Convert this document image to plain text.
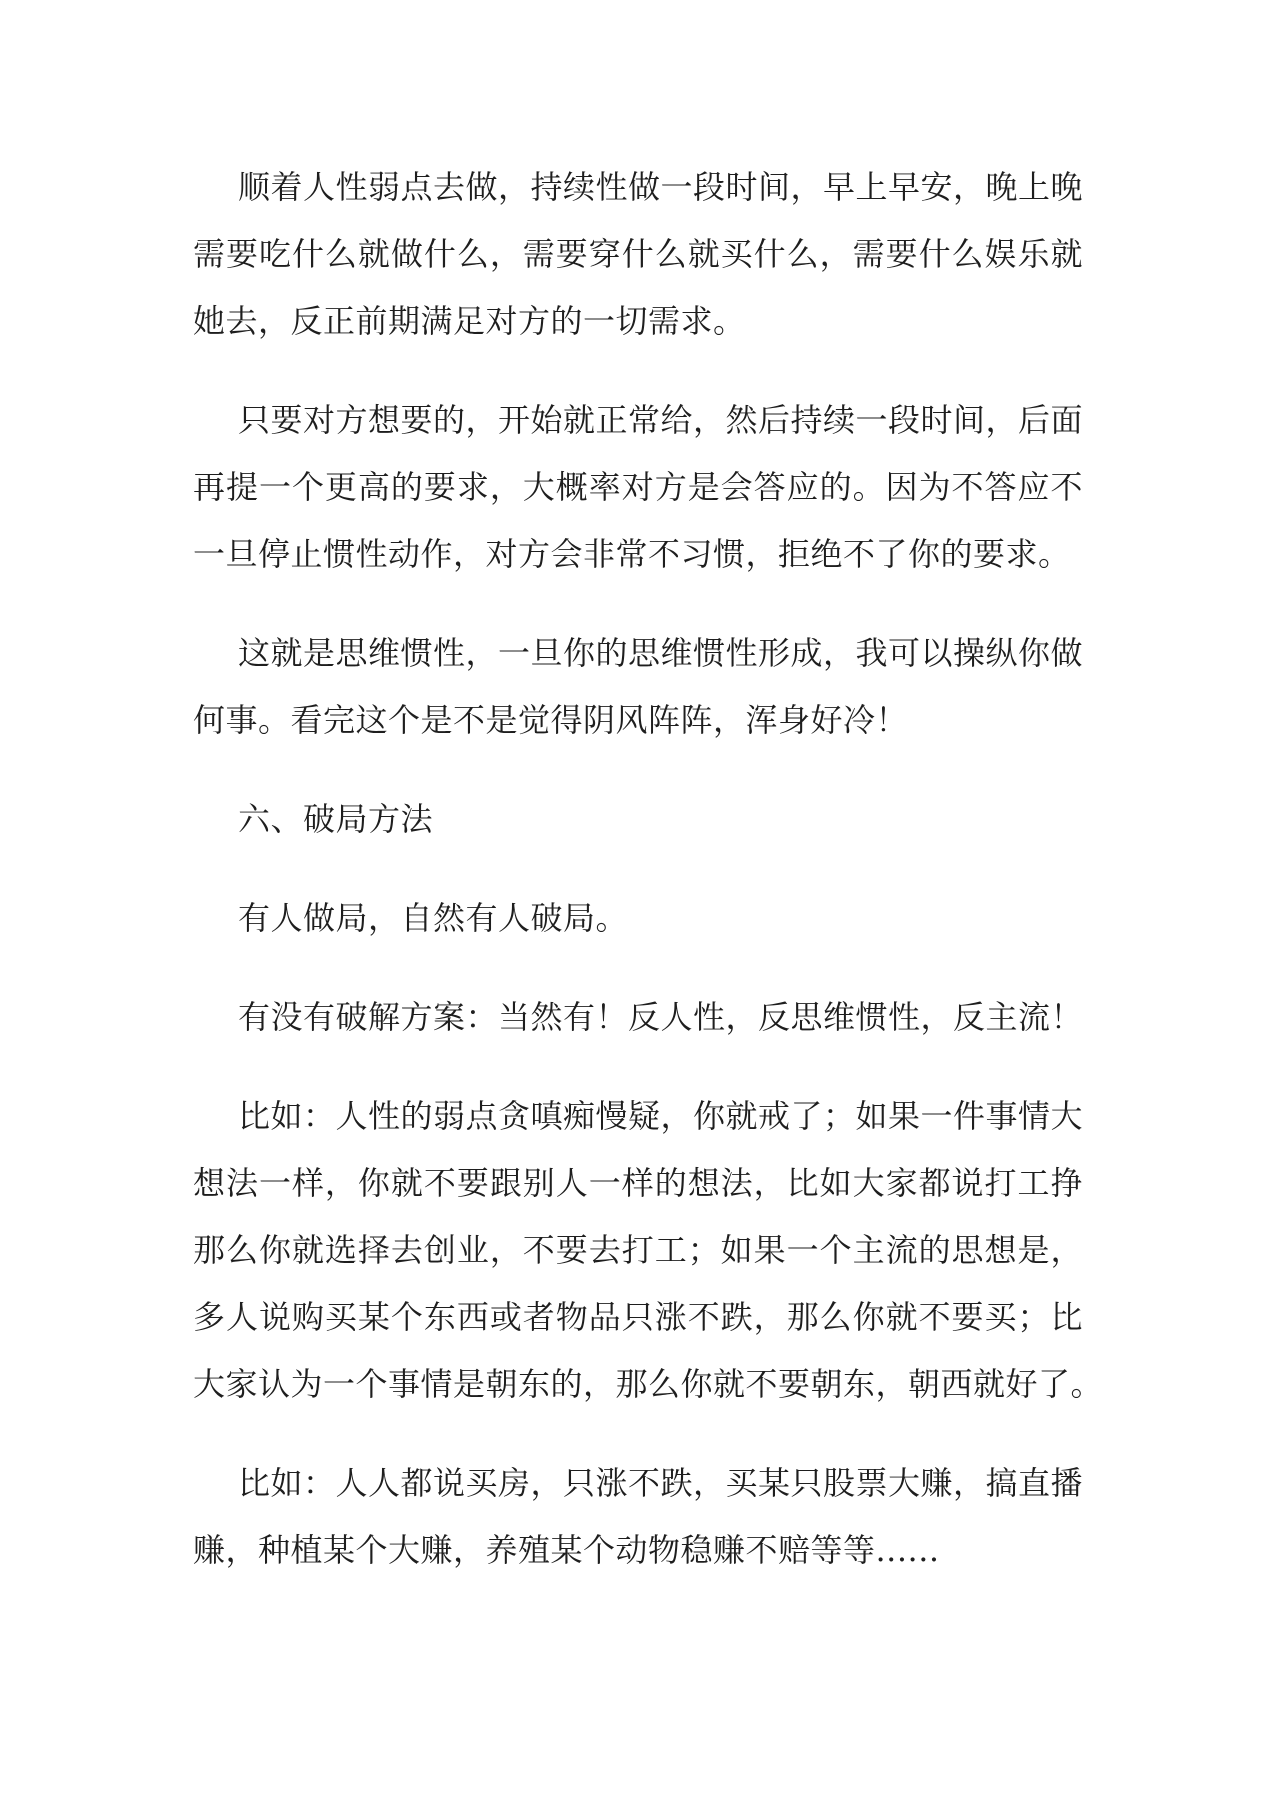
顺着人性弱点去做，持续性做一段时间，早上早安，晚上晚

需要吃什么就做什么，需要穿什么就买什么，需要什么娱乐就

她去，反正前期满足对方的一切需求。

只要对方想要的，开始就正常给，然后持续一段时间，后面

再提一个更高的要求，大概率对方是会答应的。因为不答应不

一旦停止惯性动作，对方会非常不习惯，拒绝不了你的要求。

这就是思维惯性，一旦你的思维惯性形成，我可以操纵你做

何事。看完这个是不是觉得阴风阵阵，浑身好冷！

六、破局方法

有人做局，自然有人破局。

有没有破解方案：当然有！反人性，反思维惯性，反主流！

比如：人性的弱点贪嗔痴慢疑，你就戒了；如果一件事情大

想法一样，你就不要跟别人一样的想法，比如大家都说打工挣

那么你就选择去创业，不要去打工；如果一个主流的思想是，

多人说购买某个东西或者物品只涨不跌，那么你就不要买；比

大家认为一个事情是朝东的，那么你就不要朝东，朝西就好了。

比如：人人都说买房，只涨不跌，买某只股票大赚，搞直播

赚，种植某个大赚，养殖某个动物稳赚不赔等等......
